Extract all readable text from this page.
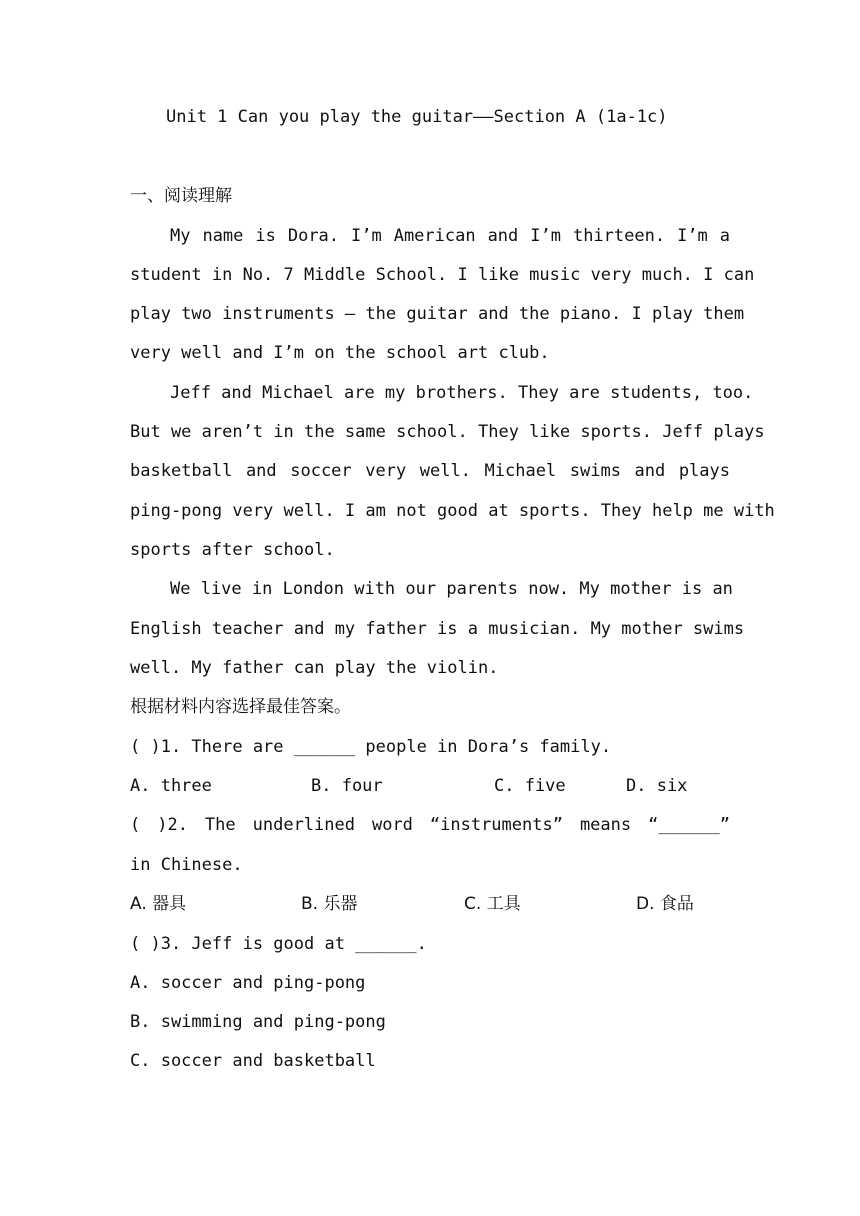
Unit 1 Can you play the guitar——Section A (1a-1c)
一、阅读理解
My name is Dora. I’m American and I’m thirteen. I’m a
student in No. 7 Middle School. I like music very much. I can
play two instruments — the guitar and the piano. I play them
very well and I’m on the school art club.
Jeff and Michael are my brothers. They are students, too.
But we aren’t in the same school. They like sports. Jeff plays
basketball and soccer very well. Michael swims and plays
ping-pong very well. I am not good at sports. They help me with
sports after school.
We live in London with our parents now. My mother is an
English teacher and my father is a musician. My mother swims
well. My father can play the violin.
根据材料内容选择最佳答案。
( )1. There are ______ people in Dora’s family.
A. three	B. four	C. five	D. six
( )2. The underlined word “instruments” means “______”
in Chinese.
A. 器具	B. 乐器	C. 工具	D. 食品
( )3. Jeff is good at ______.
A. soccer and ping-pong
B. swimming and ping-pong
C. soccer and basketball
